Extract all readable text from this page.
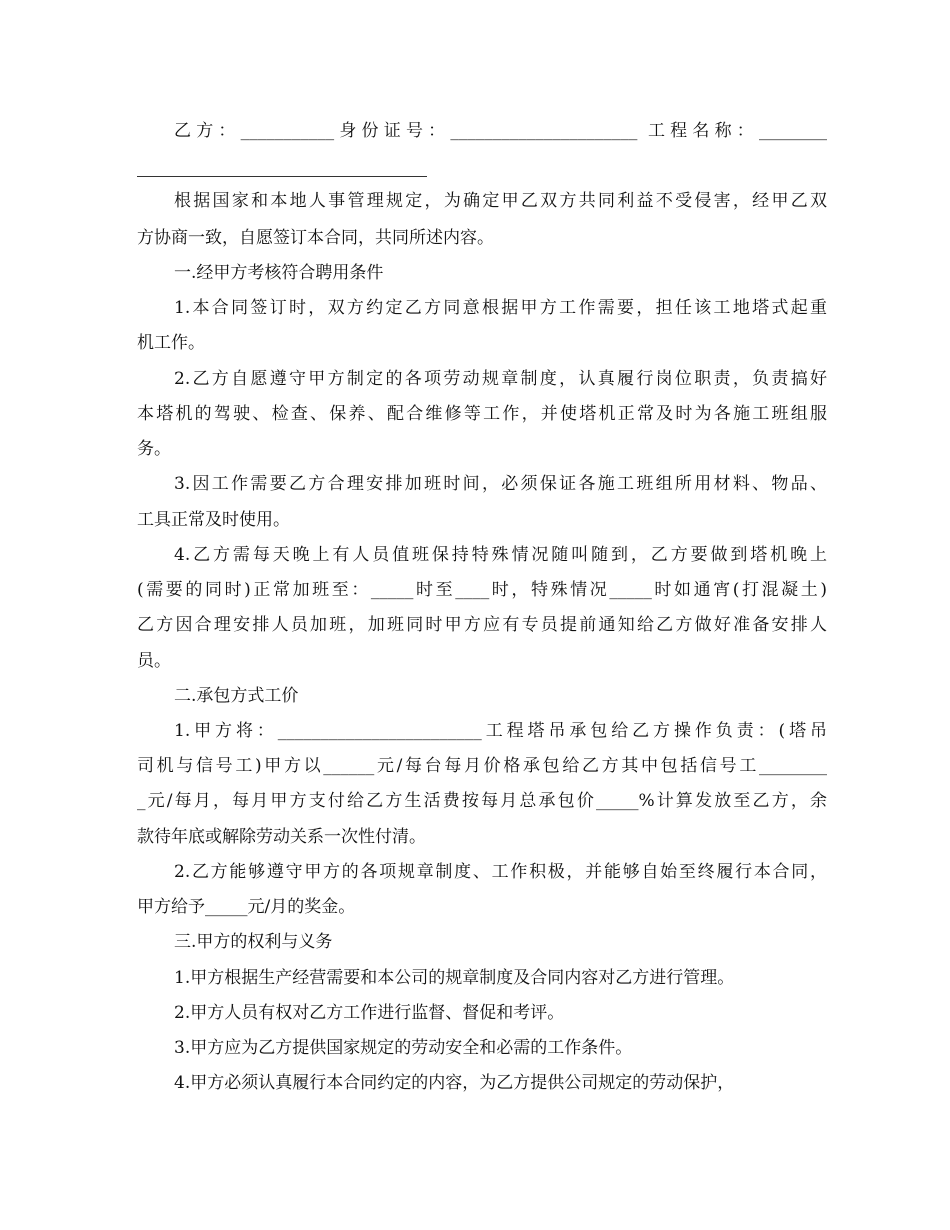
乙方：___________身份证号：______________________ 工程名称：________
根据国家和本地人事管理规定，为确定甲乙双方共同利益不受侵害，经甲乙双
方协商一致，自愿签订本合同，共同所述内容。
一.经甲方考核符合聘用条件
1.本合同签订时，双方约定乙方同意根据甲方工作需要，担任该工地塔式起重
机工作。
2.乙方自愿遵守甲方制定的各项劳动规章制度，认真履行岗位职责，负责搞好
本塔机的驾驶、检查、保养、配合维修等工作，并使塔机正常及时为各施工班组服
务。
3.因工作需要乙方合理安排加班时间，必须保证各施工班组所用材料、物品、
工具正常及时使用。
4.乙方需每天晚上有人员值班保持特殊情况随叫随到，乙方要做到塔机晚上
(需要的同时)正常加班至：_____时至____时，特殊情况_____时如通宵(打混凝土)
乙方因合理安排人员加班，加班同时甲方应有专员提前通知给乙方做好准备安排人
员。
二.承包方式工价
1.甲方将：________________________工程塔吊承包给乙方操作负责：(塔吊
司机与信号工)甲方以______元/每台每月价格承包给乙方其中包括信号工________
_元/每月，每月甲方支付给乙方生活费按每月总承包价_____%计算发放至乙方，余
款待年底或解除劳动关系一次性付清。
2.乙方能够遵守甲方的各项规章制度、工作积极，并能够自始至终履行本合同，
甲方给予_____元/月的奖金。
三.甲方的权利与义务
1.甲方根据生产经营需要和本公司的规章制度及合同内容对乙方进行管理。
2.甲方人员有权对乙方工作进行监督、督促和考评。
3.甲方应为乙方提供国家规定的劳动安全和必需的工作条件。
4.甲方必须认真履行本合同约定的内容，为乙方提供公司规定的劳动保护，
